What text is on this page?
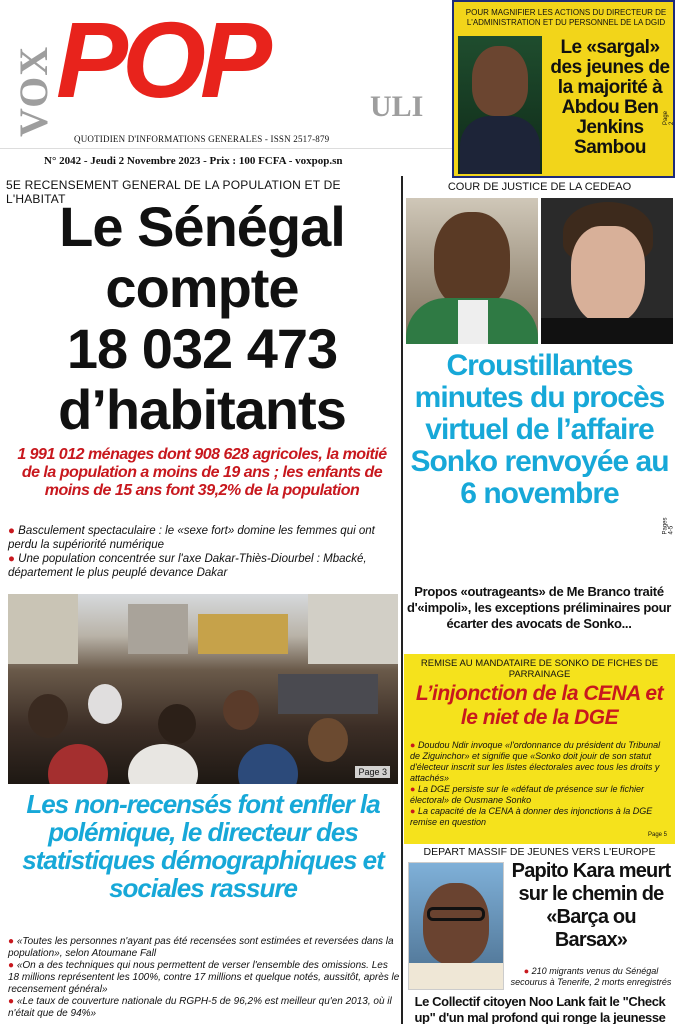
VOX POP	ULI
QUOTIDIEN D'INFORMATIONS GENERALES - ISSN 2517-879
N° 2042 - Jeudi 2 Novembre 2023 - Prix : 100 FCFA - voxpop.sn
POUR MAGNIFIER LES ACTIONS DU DIRECTEUR DE L'ADMINISTRATION ET DU PERSONNEL DE LA DGID
Le «sargal» des jeunes de la majorité à Abdou Ben Jenkins Sambou
Page 2
5E RECENSEMENT GENERAL DE LA POPULATION ET DE L'HABITAT
Le Sénégal
compte
18 032 473
d’habitants
1 991 012 ménages dont 908 628 agricoles, la moitié de la population a moins de 19 ans ; les enfants de moins de 15 ans font 39,2% de la population
● Basculement spectaculaire : le «sexe fort» domine les femmes qui ont perdu la supériorité numérique
● Une population concentrée sur l'axe Dakar-Thiès-Diourbel : Mbacké, département le plus peuplé devance Dakar
Page 3
Les non-recensés font enfler la polémique, le directeur des statistiques démographiques et sociales rassure
● «Toutes les personnes n'ayant pas été recensées sont estimées et reversées dans la population», selon Atoumane Fall
● «On a des techniques qui nous permettent de verser l'ensemble des omissions. Les 18 millions représentent les 100%, contre 17 millions et quelque notés, aussitôt, après le recensement général»
● «Le taux de couverture nationale du RGPH-5 de 96,2% est meilleur qu'en 2013, où il n'était que de 94%»
COUR DE JUSTICE DE LA CEDEAO
Croustillantes minutes du procès virtuel de l’affaire Sonko renvoyée au 6 novembre
Pages 4-5
Propos «outrageants» de Me Branco traité d'«impoli», les exceptions préliminaires pour écarter des avocats de Sonko...
REMISE AU MANDATAIRE DE SONKO DE FICHES DE PARRAINAGE
L’injonction de la CENA et le niet de la DGE
● Doudou Ndir invoque «l'ordonnance du président du Tribunal de Ziguinchor» et signifie que «Sonko doit jouir de son statut d'électeur inscrit sur les listes électorales avec tous les droits y attachés»
● La DGE persiste sur le «défaut de présence sur le fichier électoral» de Ousmane Sonko
● La capacité de la CENA à donner des injonctions à la DGE remise en question
Page 5
DEPART MASSIF DE JEUNES VERS L'EUROPE
Papito Kara meurt sur le chemin de «Barça ou Barsax»
● 210 migrants venus du Sénégal secourus à Tenerife, 2 morts enregistrés
Le Collectif citoyen Noo Lank fait le "Check up" d'un mal profond qui ronge la jeunesse
